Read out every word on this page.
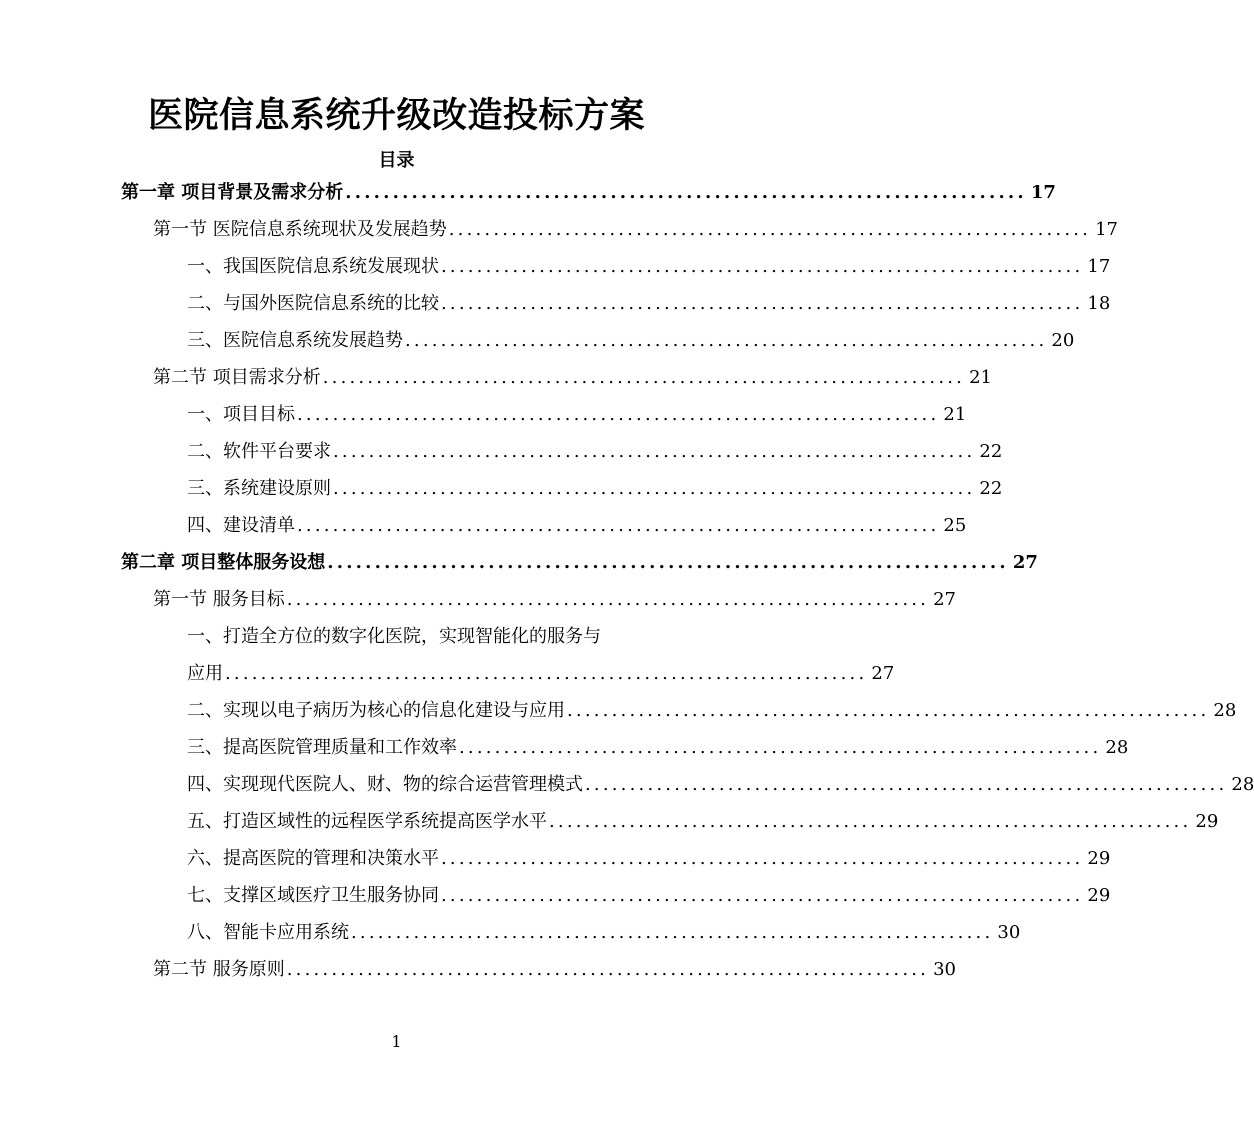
医院信息系统升级改造投标方案
目录
第一章 项目背景及需求分析 ........................................................................ 17
第一节 医院信息系统现状及发展趋势 ........................................................................ 17
一、我国医院信息系统发展现状 ........................................................................ 17
二、与国外医院信息系统的比较 ........................................................................ 18
三、医院信息系统发展趋势 ........................................................................ 20
第二节 项目需求分析 ........................................................................ 21
一、项目目标 ........................................................................ 21
二、软件平台要求 ........................................................................ 22
三、系统建设原则 ........................................................................ 22
四、建设清单 ........................................................................ 25
第二章 项目整体服务设想 ........................................................................ 27
第一节 服务目标 ........................................................................ 27
一、打造全方位的数字化医院，实现智能化的服务与
应用 ........................................................................ 27
二、实现以电子病历为核心的信息化建设与应用 ........................................................................ 28
三、提高医院管理质量和工作效率 ........................................................................ 28
四、实现现代医院人、财、物的综合运营管理模式 ........................................................................ 28
五、打造区域性的远程医学系统提高医学水平 ........................................................................ 29
六、提高医院的管理和决策水平 ........................................................................ 29
七、支撑区域医疗卫生服务协同 ........................................................................ 29
八、智能卡应用系统 ........................................................................ 30
第二节 服务原则 ........................................................................ 30
1
